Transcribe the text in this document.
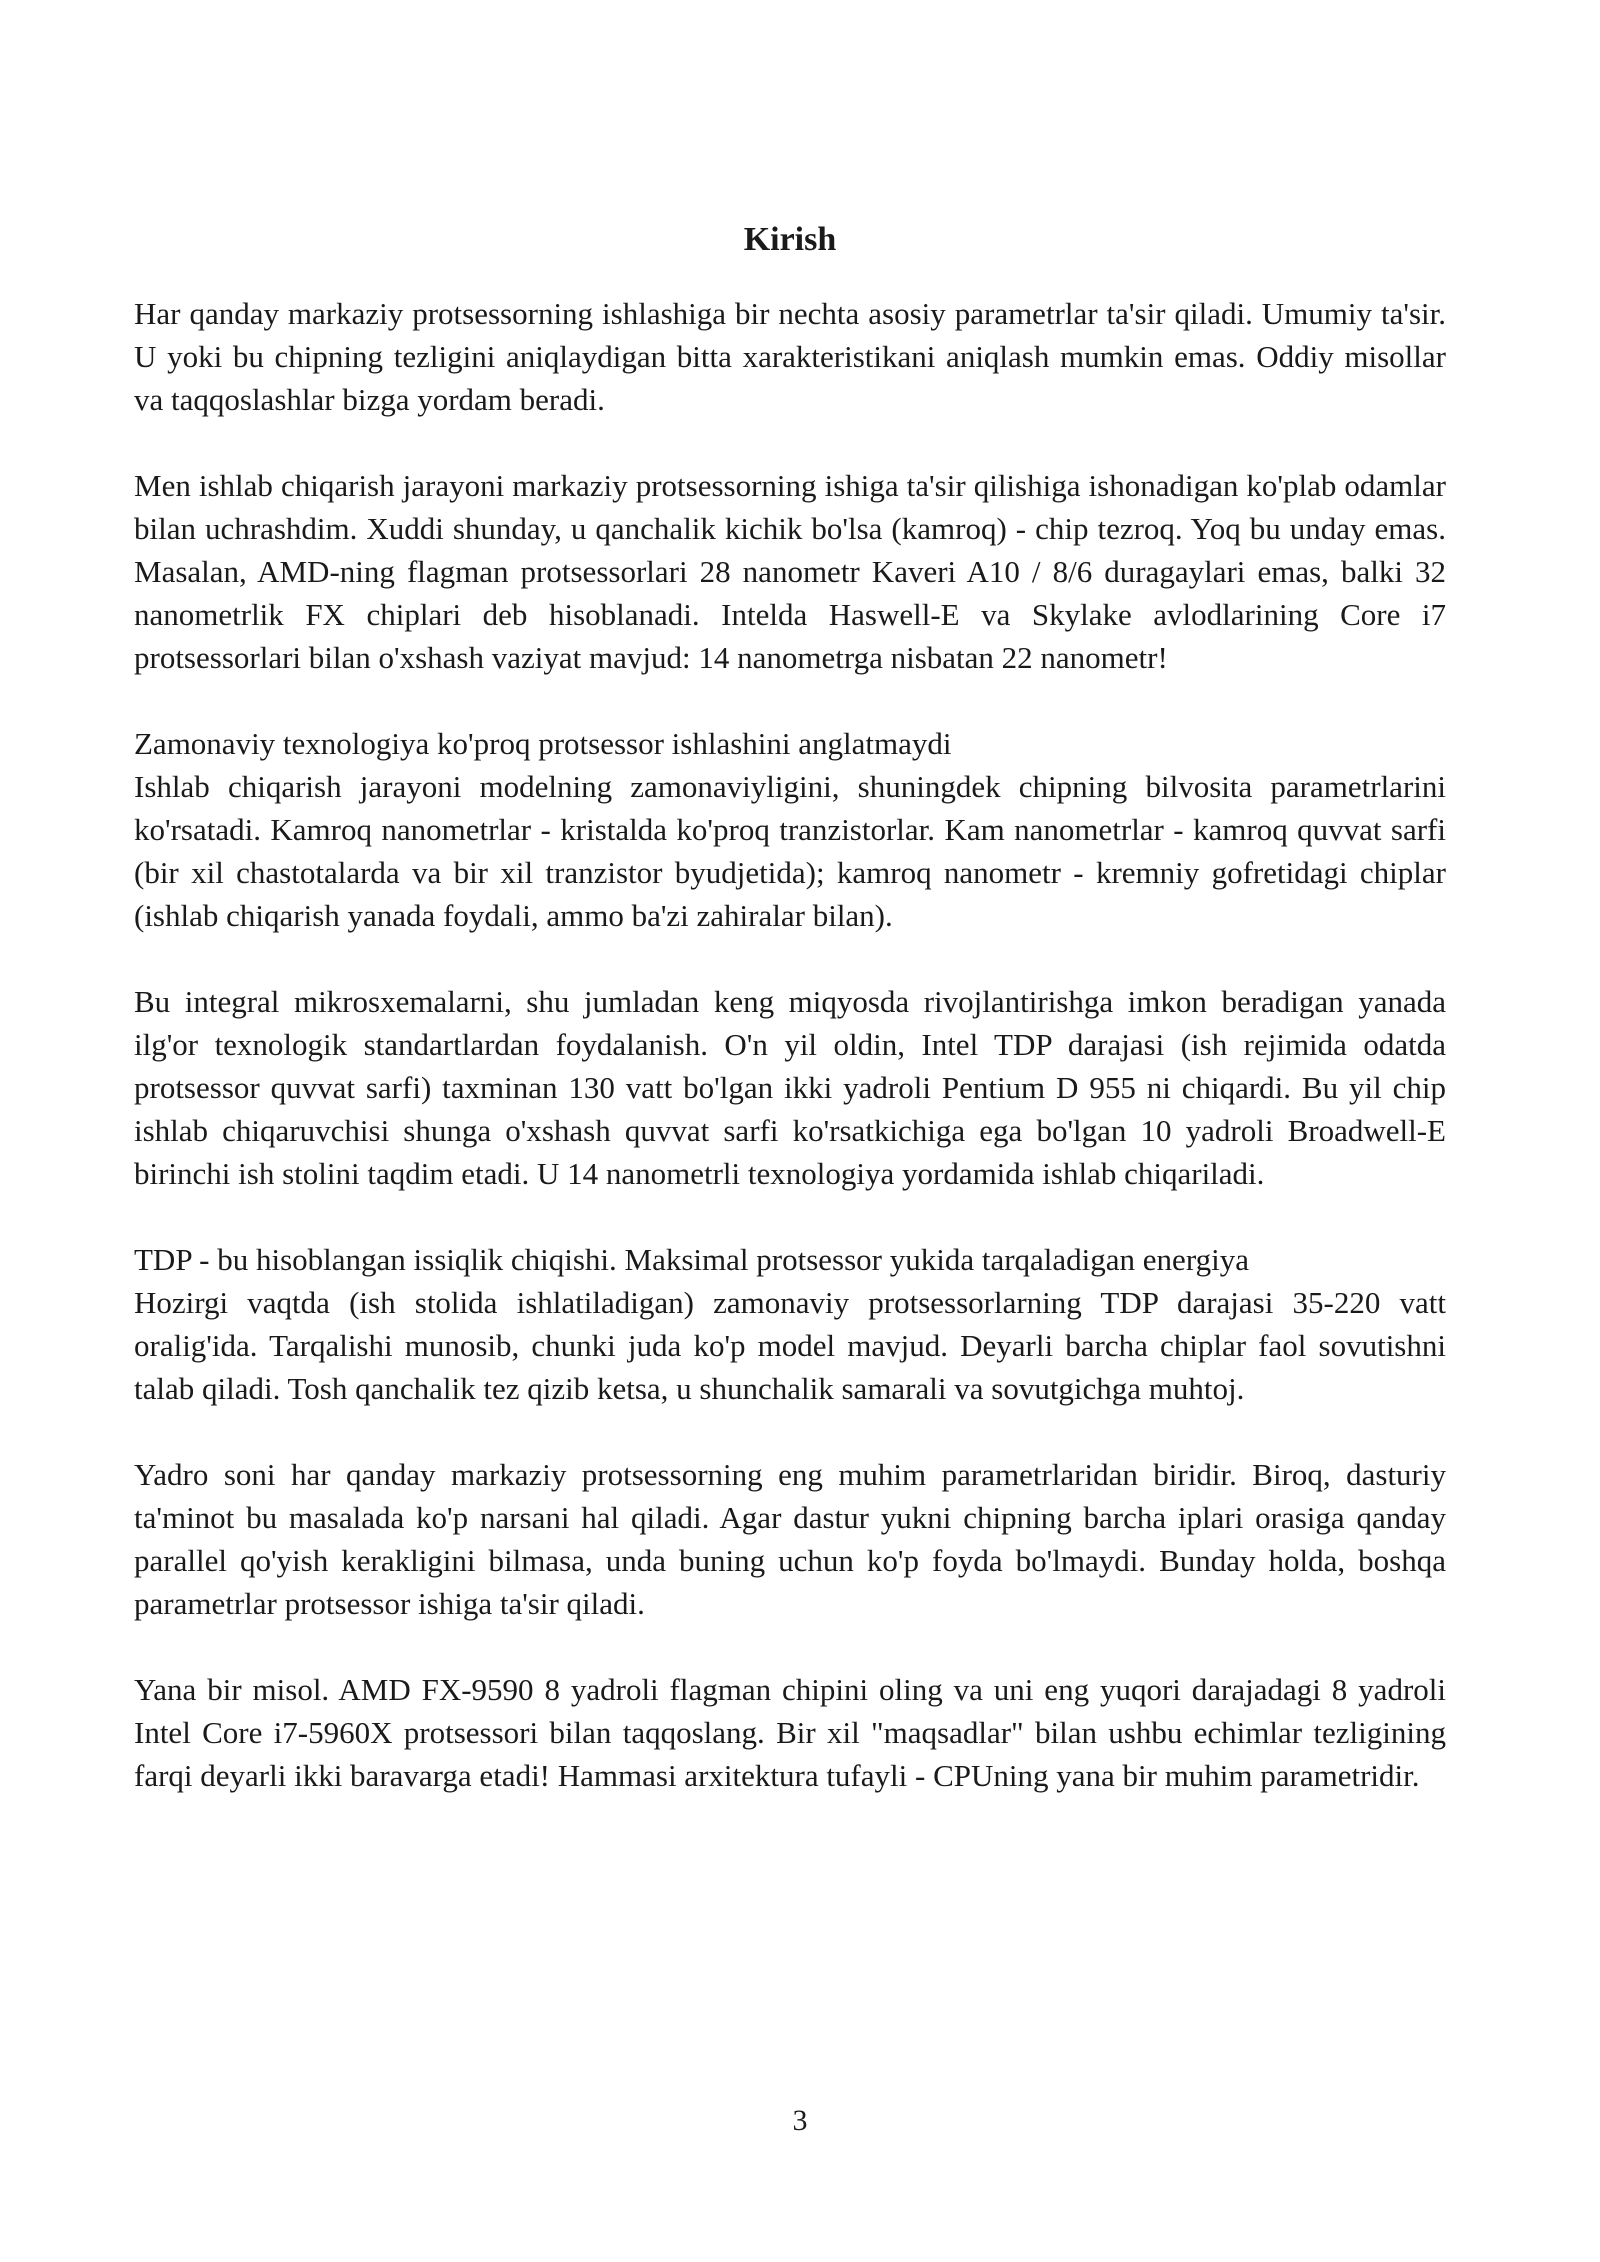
Kirish
Har qanday markaziy protsessorning ishlashiga bir nechta asosiy parametrlar ta'sir qiladi. Umumiy ta'sir. U yoki bu chipning tezligini aniqlaydigan bitta xarakteristikani aniqlash mumkin emas. Oddiy misollar va taqqoslashlar bizga yordam beradi.
Men ishlab chiqarish jarayoni markaziy protsessorning ishiga ta'sir qilishiga ishonadigan ko'plab odamlar bilan uchrashdim. Xuddi shunday, u qanchalik kichik bo'lsa (kamroq) - chip tezroq. Yoq bu unday emas. Masalan, AMD-ning flagman protsessorlari 28 nanometr Kaveri A10 / 8/6 duragaylari emas, balki 32 nanometrlik FX chiplari deb hisoblanadi. Intelda Haswell-E va Skylake avlodlarining Core i7 protsessorlari bilan o'xshash vaziyat mavjud: 14 nanometrga nisbatan 22 nanometr!
Zamonaviy texnologiya ko'proq protsessor ishlashini anglatmaydi
Ishlab chiqarish jarayoni modelning zamonaviyligini, shuningdek chipning bilvosita parametrlarini ko'rsatadi. Kamroq nanometrlar - kristalda ko'proq tranzistorlar. Kam nanometrlar - kamroq quvvat sarfi (bir xil chastotalarda va bir xil tranzistor byudjetida); kamroq nanometr - kremniy gofretidagi chiplar (ishlab chiqarish yanada foydali, ammo ba'zi zahiralar bilan).
Bu integral mikrosxemalarni, shu jumladan keng miqyosda rivojlantirishga imkon beradigan yanada ilg'or texnologik standartlardan foydalanish. O'n yil oldin, Intel TDP darajasi (ish rejimida odatda protsessor quvvat sarfi) taxminan 130 vatt bo'lgan ikki yadroli Pentium D 955 ni chiqardi. Bu yil chip ishlab chiqaruvchisi shunga o'xshash quvvat sarfi ko'rsatkichiga ega bo'lgan 10 yadroli Broadwell-E birinchi ish stolini taqdim etadi. U 14 nanometrli texnologiya yordamida ishlab chiqariladi.
TDP - bu hisoblangan issiqlik chiqishi. Maksimal protsessor yukida tarqaladigan energiya
Hozirgi vaqtda (ish stolida ishlatiladigan) zamonaviy protsessorlarning TDP darajasi 35-220 vatt oralig'ida. Tarqalishi munosib, chunki juda ko'p model mavjud. Deyarli barcha chiplar faol sovutishni talab qiladi. Tosh qanchalik tez qizib ketsa, u shunchalik samarali va sovutgichga muhtoj.
Yadro soni har qanday markaziy protsessorning eng muhim parametrlaridan biridir. Biroq, dasturiy ta'minot bu masalada ko'p narsani hal qiladi. Agar dastur yukni chipning barcha iplari orasiga qanday parallel qo'yish kerakligini bilmasa, unda buning uchun ko'p foyda bo'lmaydi. Bunday holda, boshqa parametrlar protsessor ishiga ta'sir qiladi.
Yana bir misol. AMD FX-9590 8 yadroli flagman chipini oling va uni eng yuqori darajadagi 8 yadroli Intel Core i7-5960X protsessori bilan taqqoslang. Bir xil "maqsadlar" bilan ushbu echimlar tezligining farqi deyarli ikki baravarga etadi! Hammasi arxitektura tufayli - CPUning yana bir muhim parametridir.
3
